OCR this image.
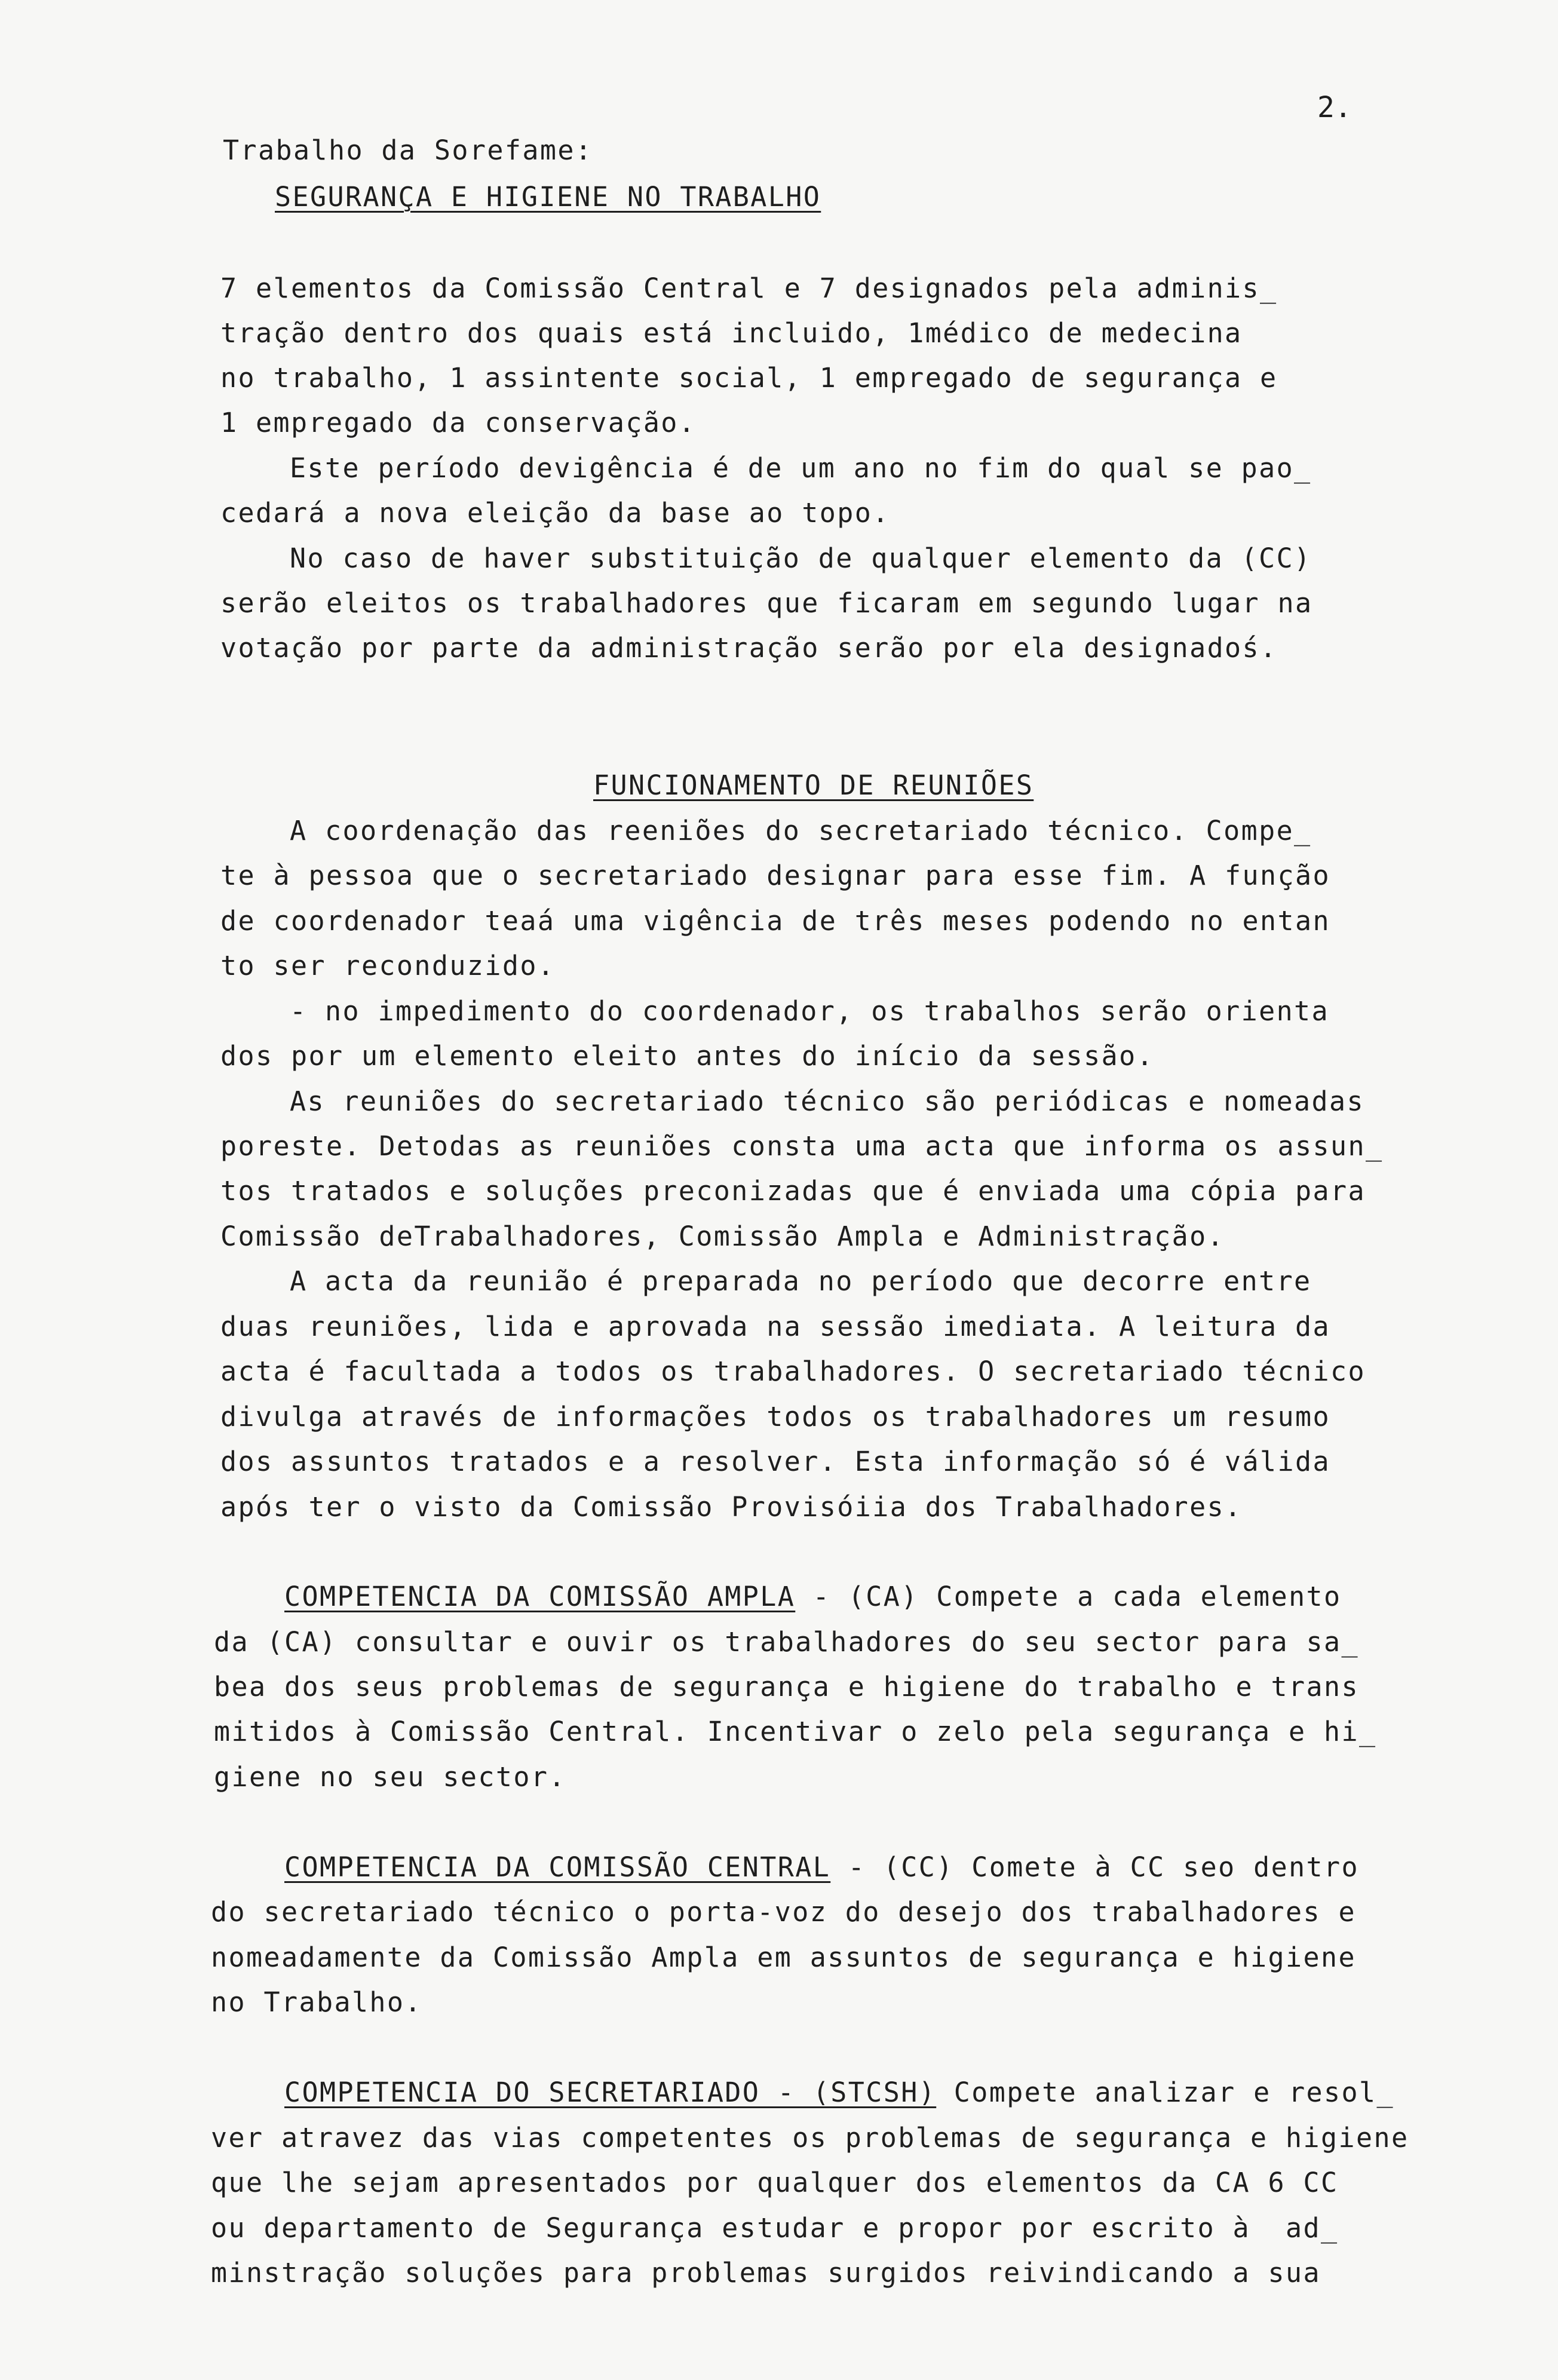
2.
Trabalho da Sorefame:
SEGURANÇA E HIGIENE NO TRABALHO
7 elementos da Comissão Central e 7 designados pela adminis_
tração dentro dos quais está incluido, 1médico de medecina
no trabalho, 1 assintente social, 1 empregado de segurança e
1 empregado da conservação.
Este período devigência é de um ano no fim do qual se pao_
cedará a nova eleição da base ao topo.
No caso de haver substituição de qualquer elemento da (CC)
serão eleitos os trabalhadores que ficaram em segundo lugar na
votação por parte da administração serão por ela designadoś.
FUNCIONAMENTO DE REUNIÕES
A coordenação das reeniões do secretariado técnico. Compe_
te à pessoa que o secretariado designar para esse fim. A função
de coordenador teaá uma vigência de três meses podendo no entan
to ser reconduzido.
- no impedimento do coordenador, os trabalhos serão orienta
dos por um elemento eleito antes do início da sessão.
As reuniões do secretariado técnico são periódicas e nomeadas
poreste. Detodas as reuniões consta uma acta que informa os assun_
tos tratados e soluções preconizadas que é enviada uma cópia para
Comissão deTrabalhadores, Comissão Ampla e Administração.
A acta da reunião é preparada no período que decorre entre
duas reuniões, lida e aprovada na sessão imediata. A leitura da
acta é facultada a todos os trabalhadores. O secretariado técnico
divulga através de informações todos os trabalhadores um resumo
dos assuntos tratados e a resolver. Esta informação só é válida
após ter o visto da Comissão Provisóiia dos Trabalhadores.
COMPETENCIA DA COMISSÃO AMPLA - (CA) Compete a cada elemento
da (CA) consultar e ouvir os trabalhadores do seu sector para sa_
bea dos seus problemas de segurança e higiene do trabalho e trans
mitidos à Comissão Central. Incentivar o zelo pela segurança e hi_
giene no seu sector.
COMPETENCIA DA COMISSÃO CENTRAL - (CC) Comete à CC seo dentro
do secretariado técnico o porta-voz do desejo dos trabalhadores e
nomeadamente da Comissão Ampla em assuntos de segurança e higiene
no Trabalho.
COMPETENCIA DO SECRETARIADO - (STCSH) Compete analizar e resol_
ver atravez das vias competentes os problemas de segurança e higiene
que lhe sejam apresentados por qualquer dos elementos da CA 6 CC
ou departamento de Segurança estudar e propor por escrito à  ad_
minstração soluções para problemas surgidos reivindicando a sua
